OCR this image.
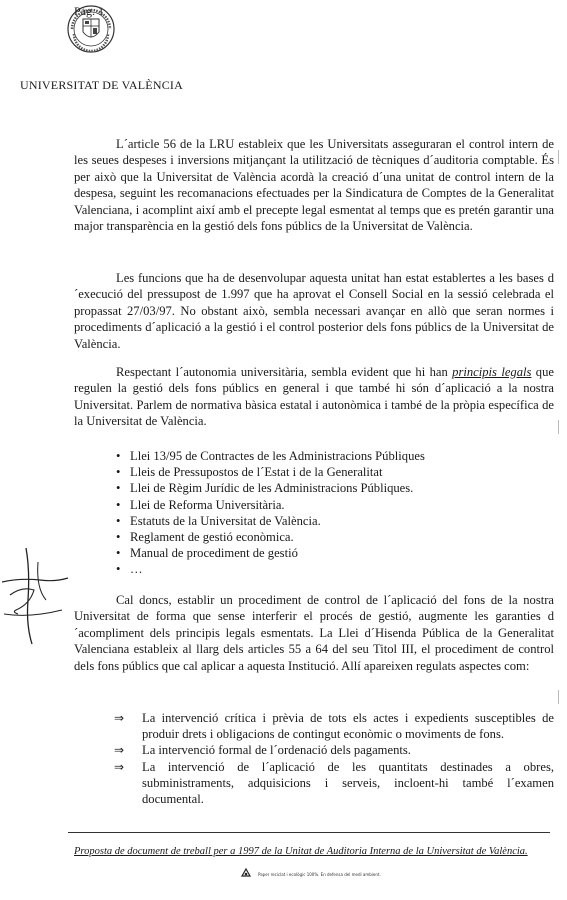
Pàg. 1
UNIVERSITAT DE VALÈNCIA
L´article 56 de la LRU estableix que les Universitats asseguraran el control intern de les seues despeses i inversions mitjançant la utilització de tècniques d´auditoria comptable. És per això que la Universitat de València acordà la creació d´una unitat de control intern de la despesa, seguint les recomanacions efectuades per la Sindicatura de Comptes de la Generalitat Valenciana, i acomplint així amb el precepte legal esmentat al temps que es pretén garantir una major transparència en la gestió dels fons públics de la Universitat de València.
Les funcions que ha de desenvolupar aquesta unitat han estat establertes a les bases d´execució del pressupost de 1.997 que ha aprovat el Consell Social en la sessió celebrada el propassat 27/03/97. No obstant això, sembla necessari avançar en allò que seran normes i procediments d´aplicació a la gestió i el control posterior dels fons públics de la Universitat de València.
Respectant l´autonomia universitària, sembla evident que hi han principis legals que regulen la gestió dels fons públics en general i que també hi són d´aplicació a la nostra Universitat. Parlem de normativa bàsica estatal i autonòmica i també de la pròpia específica de la Universitat de València.
• Llei 13/95 de Contractes de les Administracions Públiques
• Lleis de Pressupostos de l´Estat i de la Generalitat
• Llei de Règim Jurídic de les Administracions Públiques.
• Llei de Reforma Universitària.
• Estatuts de la Universitat de València.
• Reglament de gestió econòmica.
• Manual de procediment de gestió
• …
Cal doncs, establir un procediment de control de l´aplicació del fons de la nostra Universitat de forma que sense interferir el procés de gestió, augmente les garanties d´acompliment dels principis legals esmentats. La Llei d´Hisenda Pública de la Generalitat Valenciana estableix al llarg dels articles 55 a 64 del seu Titol III, el procediment de control dels fons públics que cal aplicar a aquesta Institució. Allí apareixen regulats aspectes com:
⇒ La intervenció crítica i prèvia de tots els actes i expedients susceptibles de produir drets i obligacions de contingut econòmic o moviments de fons.
⇒ La intervenció formal de l´ordenació dels pagaments.
⇒ La intervenció de l´aplicació de les quantitats destinades a obres, subministraments, adquisicions i serveis, incloent-hi també l´examen documental.
Proposta de document de treball per a 1997 de la Unitat de Auditoria Interna de la Universitat de València.
Paper reciclat i ecològic 100%. En defensa del medi ambient.
